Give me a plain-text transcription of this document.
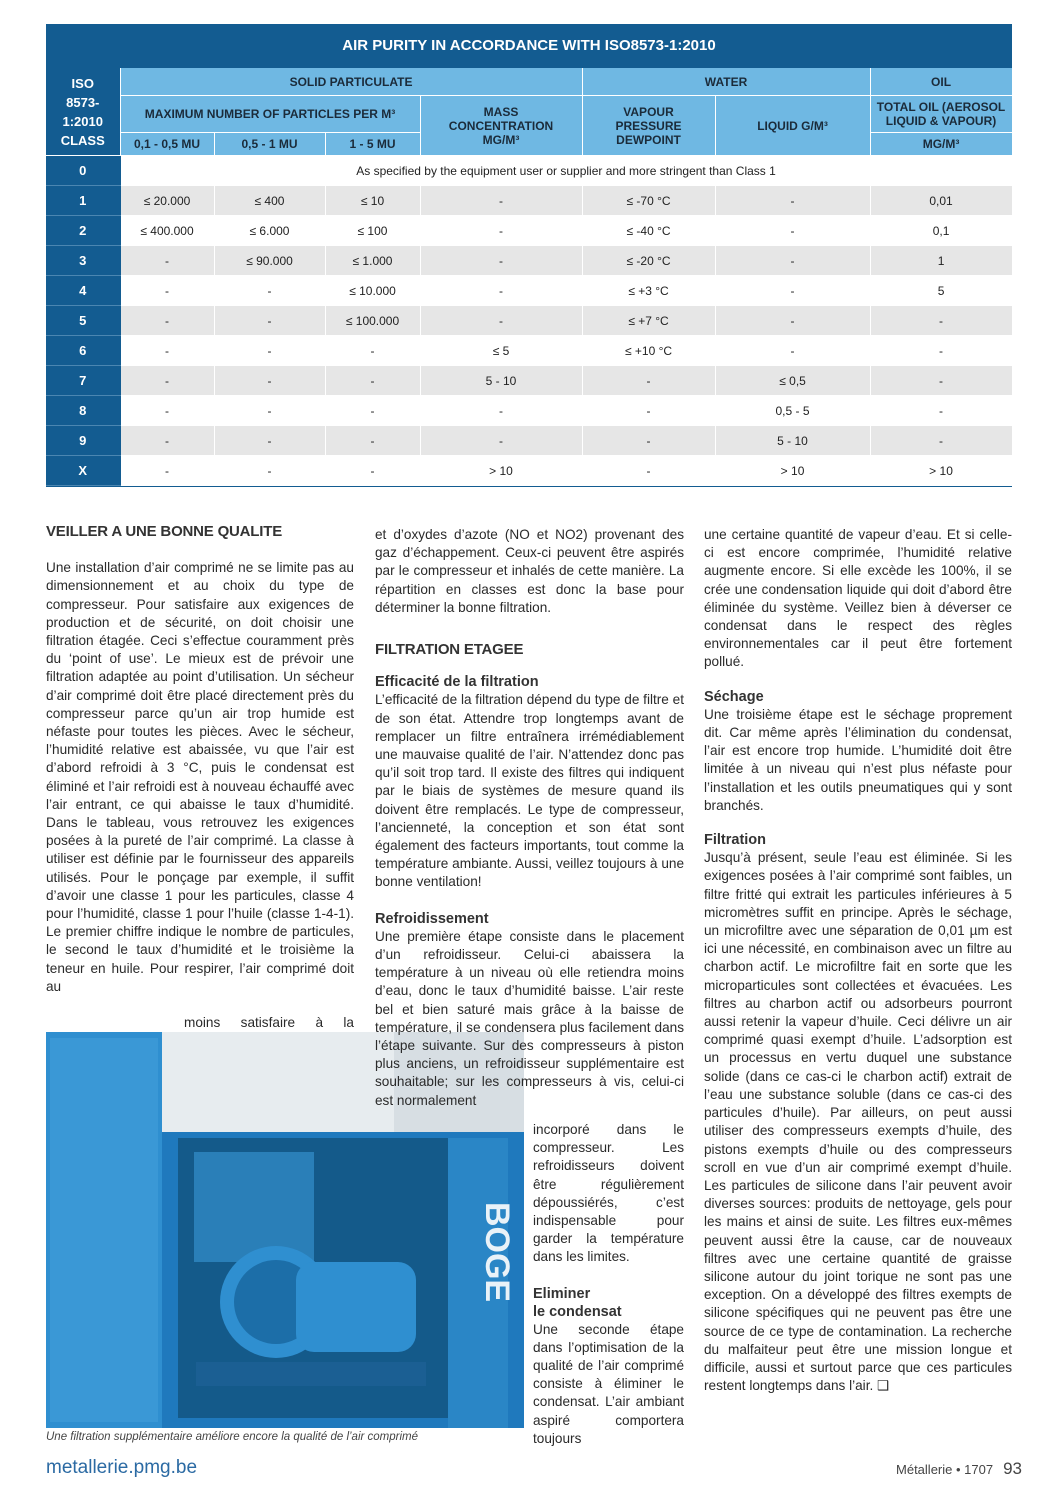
AIR PURITY IN ACCORDANCE WITH ISO8573-1:2010
ISO
8573-
1:2010
CLASS	SOLID PARTICULATE				WATER		OIL
	MAXIMUM NUMBER OF PARTICLES PER M³			MASS CONCENTRATION MG/M³	VAPOUR PRESSURE DEWPOINT	LIQUID G/M³	TOTAL OIL (AEROSOL LIQUID & VAPOUR)
	0,1 - 0,5 MU	0,5 - 1 MU	1 - 5 MU				MG/M³
0	As specified by the equipment user or supplier and more stringent than Class 1						
1	≤ 20.000	≤ 400	≤ 10	-	≤ -70 °C	-	0,01
2	≤ 400.000	≤ 6.000	≤ 100	-	≤ -40 °C	-	0,1
3	-	≤ 90.000	≤ 1.000	-	≤ -20 °C	-	1
4	-	-	≤ 10.000	-	≤ +3 °C	-	5
5	-	-	≤ 100.000	-	≤ +7 °C	-	-
6	-	-	-	≤ 5	≤ +10 °C	-	-
7	-	-	-	5 - 10	-	≤ 0,5	-
8	-	-	-	-	-	0,5 - 5	-
9	-	-	-	-	-	5 - 10	-
X	-	-	-	> 10	-	> 10	> 10

VEILLER A UNE BONNE QUALITE

Une installation d’air comprimé ne se limite pas au dimensionnement et au choix du type de compresseur. Pour satisfaire aux exigences de production et de sécurité, on doit choisir une filtration étagée. Ceci s’effectue couramment près du ‘point of use’. Le mieux est de prévoir une filtration adaptée au point d’utilisation. Un sécheur d’air comprimé doit être placé directement près du compresseur parce qu’un air trop humide est néfaste pour toutes les pièces. Avec le sécheur, l’humidité relative est abaissée, vu que l’air est d’abord refroidi à 3 °C, puis le condensat est éliminé et l’air refroidi est à nouveau échauffé avec l’air entrant, ce qui abaisse le taux d’humidité. Dans le tableau, vous retrouvez les exigences posées à la pureté de l’air comprimé. La classe à utiliser est définie par le fournisseur des appareils utilisés. Pour le ponçage par exemple, il suffit d’avoir une classe 1 pour les particules, classe 4 pour l’humidité, classe 1 pour l’huile (classe 1-4-1). Le premier chiffre indique le nombre de particules, le second le taux d’humidité et le troisième la teneur en huile. Pour respirer, l’air comprimé doit au

moins satisfaire à la

BOGE
Une filtration supplémentaire améliore encore la qualité de l’air comprimé

et d’oxydes d’azote (NO et NO2) provenant des gaz d’échappement. Ceux-ci peuvent être aspirés par le compresseur et inhalés de cette manière. La répartition en classes est donc la base pour déterminer la bonne filtration.

FILTRATION ETAGEE

Efficacité de la filtration

L’efficacité de la filtration dépend du type de filtre et de son état. Attendre trop longtemps avant de remplacer un filtre entraînera irrémédiablement une mauvaise qualité de l’air. N’attendez donc pas qu’il soit trop tard. Il existe des filtres qui indiquent par le biais de systèmes de mesure quand ils doivent être remplacés. Le type de compresseur, l’ancienneté, la conception et son état sont également des facteurs importants, tout comme la température ambiante. Aussi, veillez toujours à une bonne ventilation!

Refroidissement

Une première étape consiste dans le placement d’un refroidisseur. Celui-ci abaissera la température à un niveau où elle retiendra moins d’eau, donc le taux d’humidité baisse. L’air reste bel et bien saturé mais grâce à la baisse de température, il se condensera plus facilement dans l’étape suivante. Sur des compresseurs à piston plus anciens, un refroidisseur supplémentaire est souhaitable; sur les compresseurs à vis, celui-ci est normalement

incorporé dans le compresseur. Les refroidisseurs doivent être régulièrement dépoussiérés, c’est indispensable pour garder la température dans les limites.

Eliminer
le condensat

Une seconde étape dans l’optimisation de la qualité de l’air comprimé consiste à éliminer le condensat. L’air ambiant aspiré comportera toujours

une certaine quantité de vapeur d’eau. Et si celle-ci est encore comprimée, l’humidité relative augmente encore. Si elle excède les 100%, il se crée une condensation liquide qui doit d’abord être éliminée du système. Veillez bien à déverser ce condensat dans le respect des règles environnementales car il peut être fortement pollué.

Séchage

Une troisième étape est le séchage proprement dit. Car même après l’élimination du condensat, l’air est encore trop humide. L’humidité doit être limitée à un niveau qui n’est plus néfaste pour l’installation et les outils pneumatiques qui y sont branchés.

Filtration

Jusqu’à présent, seule l’eau est éliminée. Si les exigences posées à l’air comprimé sont faibles, un filtre fritté qui extrait les particules inférieures à 5 micromètres suffit en principe. Après le séchage, un microfiltre avec une séparation de 0,01 µm est ici une nécessité, en combinaison avec un filtre au charbon actif. Le microfiltre fait en sorte que les microparticules sont collectées et évacuées. Les filtres au charbon actif ou adsorbeurs pourront aussi retenir la vapeur d’huile. Ceci délivre un air comprimé quasi exempt d’huile. L’adsorption est un processus en vertu duquel une substance solide (dans ce cas-ci le charbon actif) extrait de l’eau une substance soluble (dans ce cas-ci des particules d’huile). Par ailleurs, on peut aussi utiliser des compresseurs exempts d’huile, des pistons exempts d’huile ou des compresseurs scroll en vue d’un air comprimé exempt d’huile. Les particules de silicone dans l’air peuvent avoir diverses sources: produits de nettoyage, gels pour les mains et ainsi de suite. Les filtres eux-mêmes peuvent aussi être la cause, car de nouveaux filtres avec une certaine quantité de graisse silicone autour du joint torique ne sont pas une exception. On a développé des filtres exempts de silicone spécifiques qui ne peuvent pas être une source de ce type de contamination. La recherche du malfaiteur peut être une mission longue et difficile, aussi et surtout parce que ces particules restent longtemps dans l’air. ❑

metallerie.pmg.be	Métallerie • 1707 93
